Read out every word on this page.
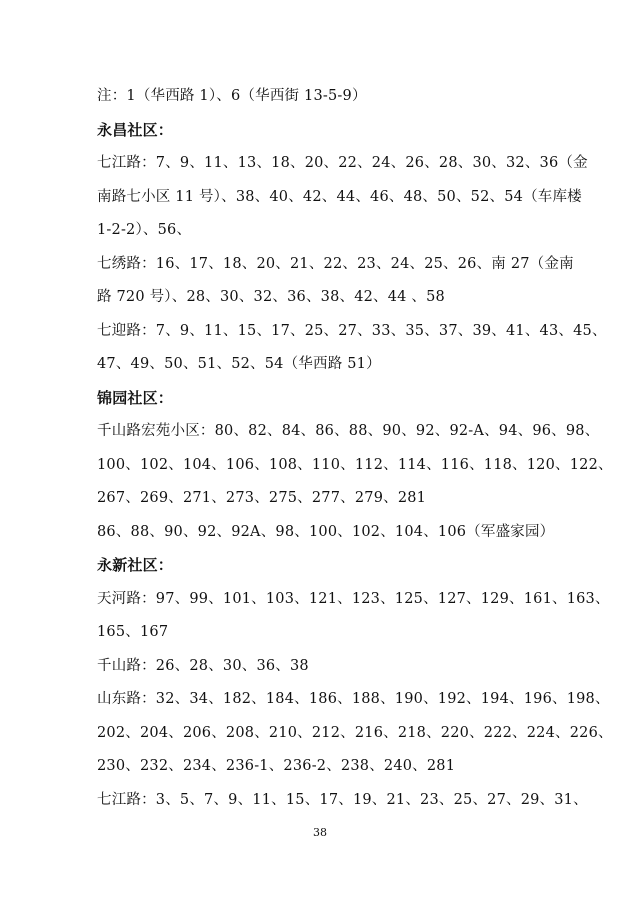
注：1（华西路 1）、6（华西街 13-5-9）
永昌社区：
七江路：7、9、11、13、18、20、22、24、26、28、30、32、36（金
南路七小区 11 号）、38、40、42、44、46、48、50、52、54（车库楼
1-2-2）、56、
七绣路：16、17、18、20、21、22、23、24、25、26、南 27（金南
路 720 号）、28、30、32、36、38、42、44 、58
七迎路：7、9、11、15、17、25、27、33、35、37、39、41、43、45、
47、49、50、51、52、54（华西路 51）
锦园社区：
千山路宏苑小区：80、82、84、86、88、90、92、92-A、94、96、98、
100、102、104、106、108、110、112、114、116、118、120、122、
267、269、271、273、275、277、279、281
86、88、90、92、92A、98、100、102、104、106（军盛家园）
永新社区：
天河路：97、99、101、103、121、123、125、127、129、161、163、
165、167
千山路：26、28、30、36、38
山东路：32、34、182、184、186、188、190、192、194、196、198、
202、204、206、208、210、212、216、218、220、222、224、226、
230、232、234、236-1、236-2、238、240、281
七江路：3、5、7、9、11、15、17、19、21、23、25、27、29、31、
38
